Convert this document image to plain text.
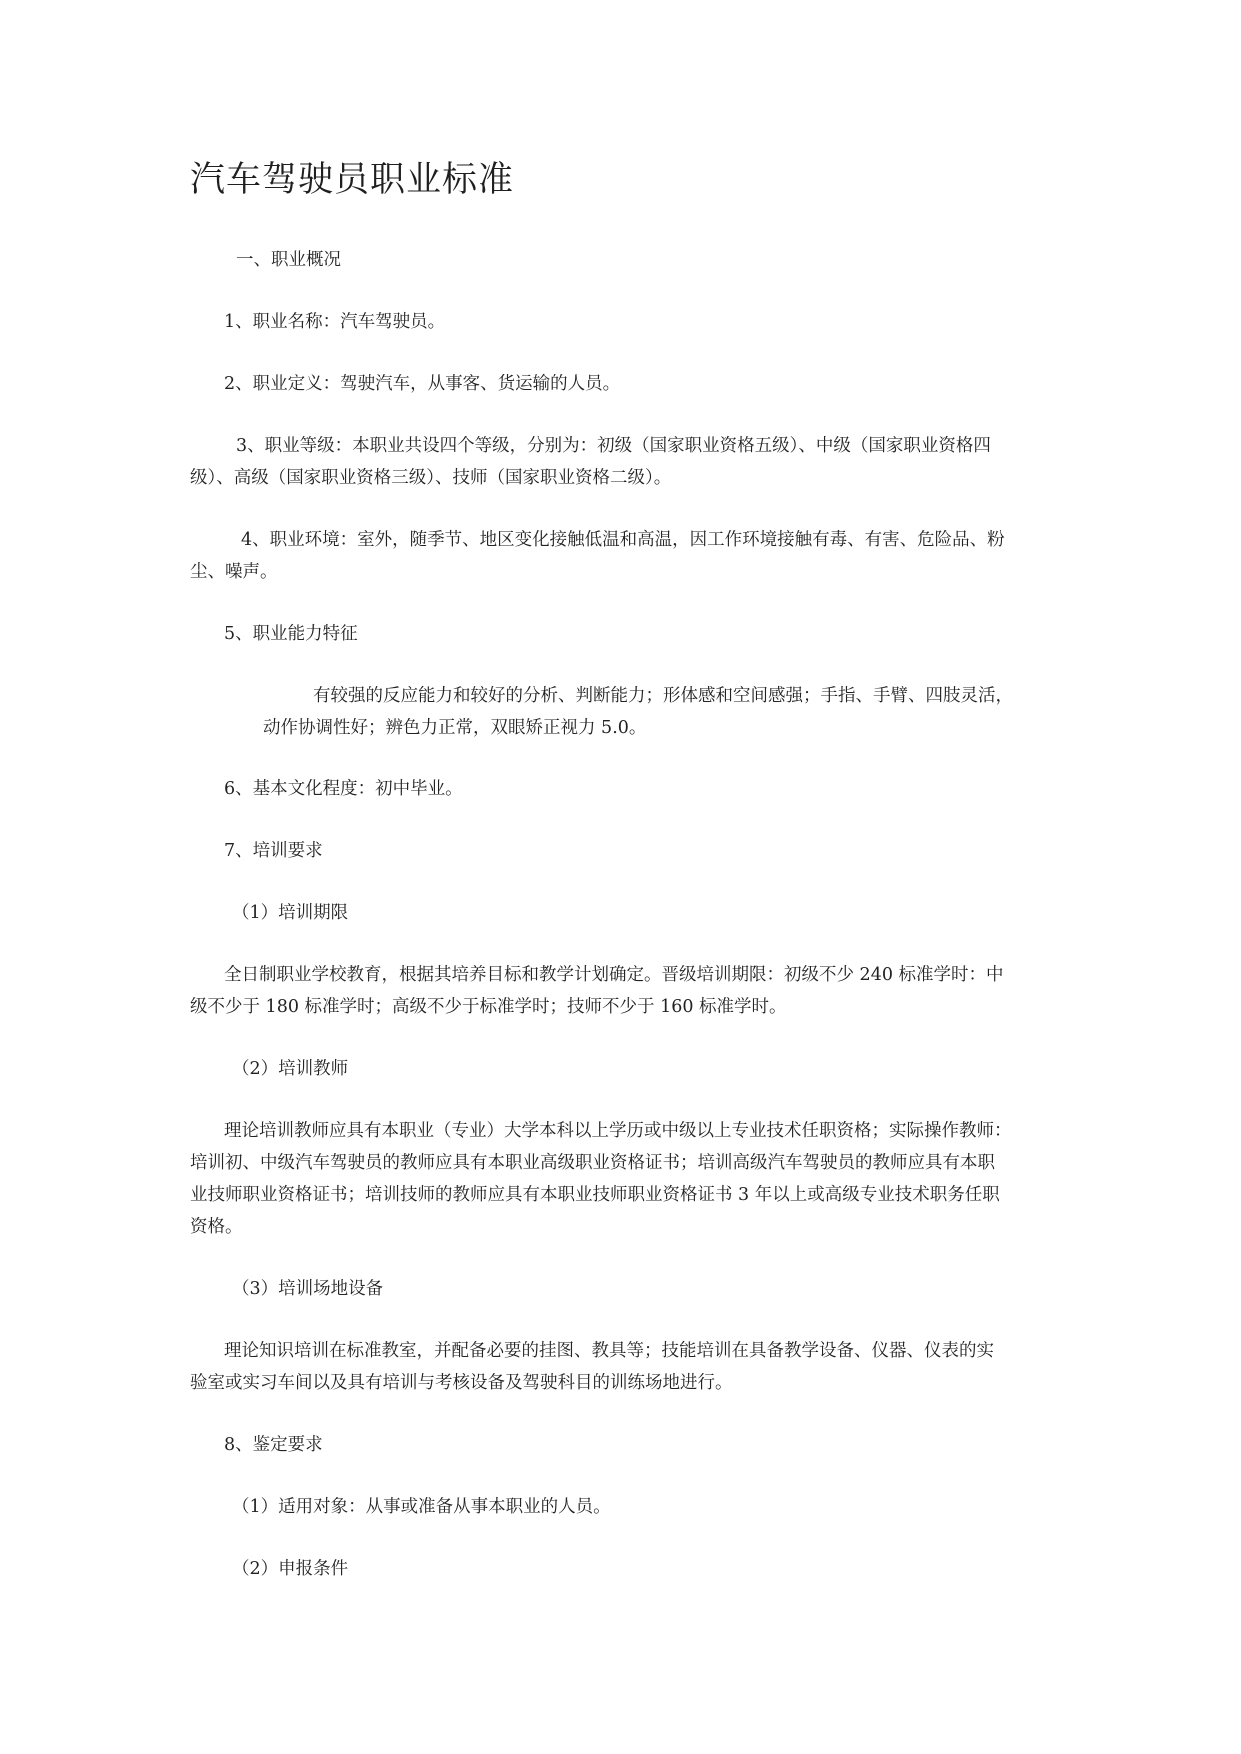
汽车驾驶员职业标准
一、职业概况
1、职业名称：汽车驾驶员。
2、职业定义：驾驶汽车，从事客、货运输的人员。
3、职业等级：本职业共设四个等级，分别为：初级（国家职业资格五级）、中级（国家职业资格四
级）、高级（国家职业资格三级）、技师（国家职业资格二级）。
4、职业环境：室外，随季节、地区变化接触低温和高温，因工作环境接触有毒、有害、危险品、粉
尘、噪声。
5、职业能力特征
有较强的反应能力和较好的分析、判断能力；形体感和空间感强；手指、手臂、四肢灵活，
动作协调性好；辨色力正常，双眼矫正视力 5.0。
6、基本文化程度：初中毕业。
7、培训要求
（1）培训期限
全日制职业学校教育，根据其培养目标和教学计划确定。晋级培训期限：初级不少 240 标准学时：中
级不少于 180 标准学时；高级不少于标准学时；技师不少于 160 标准学时。
（2）培训教师
理论培训教师应具有本职业（专业）大学本科以上学历或中级以上专业技术任职资格；实际操作教师：
培训初、中级汽车驾驶员的教师应具有本职业高级职业资格证书；培训高级汽车驾驶员的教师应具有本职
业技师职业资格证书；培训技师的教师应具有本职业技师职业资格证书 3 年以上或高级专业技术职务任职
资格。
（3）培训场地设备
理论知识培训在标准教室，并配备必要的挂图、教具等；技能培训在具备教学设备、仪器、仪表的实
验室或实习车间以及具有培训与考核设备及驾驶科目的训练场地进行。
8、鉴定要求
（1）适用对象：从事或准备从事本职业的人员。
（2）申报条件
